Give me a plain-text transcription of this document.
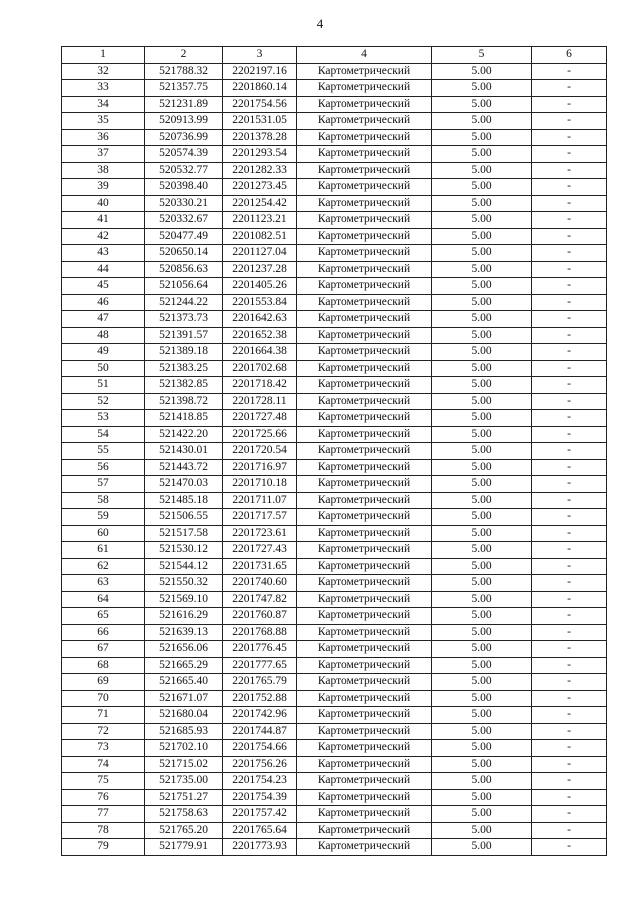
4
1	2	3	4	5	6
32	521788.32	2202197.16	Картометрический	5.00	-
33	521357.75	2201860.14	Картометрический	5.00	-
34	521231.89	2201754.56	Картометрический	5.00	-
35	520913.99	2201531.05	Картометрический	5.00	-
36	520736.99	2201378.28	Картометрический	5.00	-
37	520574.39	2201293.54	Картометрический	5.00	-
38	520532.77	2201282.33	Картометрический	5.00	-
39	520398.40	2201273.45	Картометрический	5.00	-
40	520330.21	2201254.42	Картометрический	5.00	-
41	520332.67	2201123.21	Картометрический	5.00	-
42	520477.49	2201082.51	Картометрический	5.00	-
43	520650.14	2201127.04	Картометрический	5.00	-
44	520856.63	2201237.28	Картометрический	5.00	-
45	521056.64	2201405.26	Картометрический	5.00	-
46	521244.22	2201553.84	Картометрический	5.00	-
47	521373.73	2201642.63	Картометрический	5.00	-
48	521391.57	2201652.38	Картометрический	5.00	-
49	521389.18	2201664.38	Картометрический	5.00	-
50	521383.25	2201702.68	Картометрический	5.00	-
51	521382.85	2201718.42	Картометрический	5.00	-
52	521398.72	2201728.11	Картометрический	5.00	-
53	521418.85	2201727.48	Картометрический	5.00	-
54	521422.20	2201725.66	Картометрический	5.00	-
55	521430.01	2201720.54	Картометрический	5.00	-
56	521443.72	2201716.97	Картометрический	5.00	-
57	521470.03	2201710.18	Картометрический	5.00	-
58	521485.18	2201711.07	Картометрический	5.00	-
59	521506.55	2201717.57	Картометрический	5.00	-
60	521517.58	2201723.61	Картометрический	5.00	-
61	521530.12	2201727.43	Картометрический	5.00	-
62	521544.12	2201731.65	Картометрический	5.00	-
63	521550.32	2201740.60	Картометрический	5.00	-
64	521569.10	2201747.82	Картометрический	5.00	-
65	521616.29	2201760.87	Картометрический	5.00	-
66	521639.13	2201768.88	Картометрический	5.00	-
67	521656.06	2201776.45	Картометрический	5.00	-
68	521665.29	2201777.65	Картометрический	5.00	-
69	521665.40	2201765.79	Картометрический	5.00	-
70	521671.07	2201752.88	Картометрический	5.00	-
71	521680.04	2201742.96	Картометрический	5.00	-
72	521685.93	2201744.87	Картометрический	5.00	-
73	521702.10	2201754.66	Картометрический	5.00	-
74	521715.02	2201756.26	Картометрический	5.00	-
75	521735.00	2201754.23	Картометрический	5.00	-
76	521751.27	2201754.39	Картометрический	5.00	-
77	521758.63	2201757.42	Картометрический	5.00	-
78	521765.20	2201765.64	Картометрический	5.00	-
79	521779.91	2201773.93	Картометрический	5.00	-
